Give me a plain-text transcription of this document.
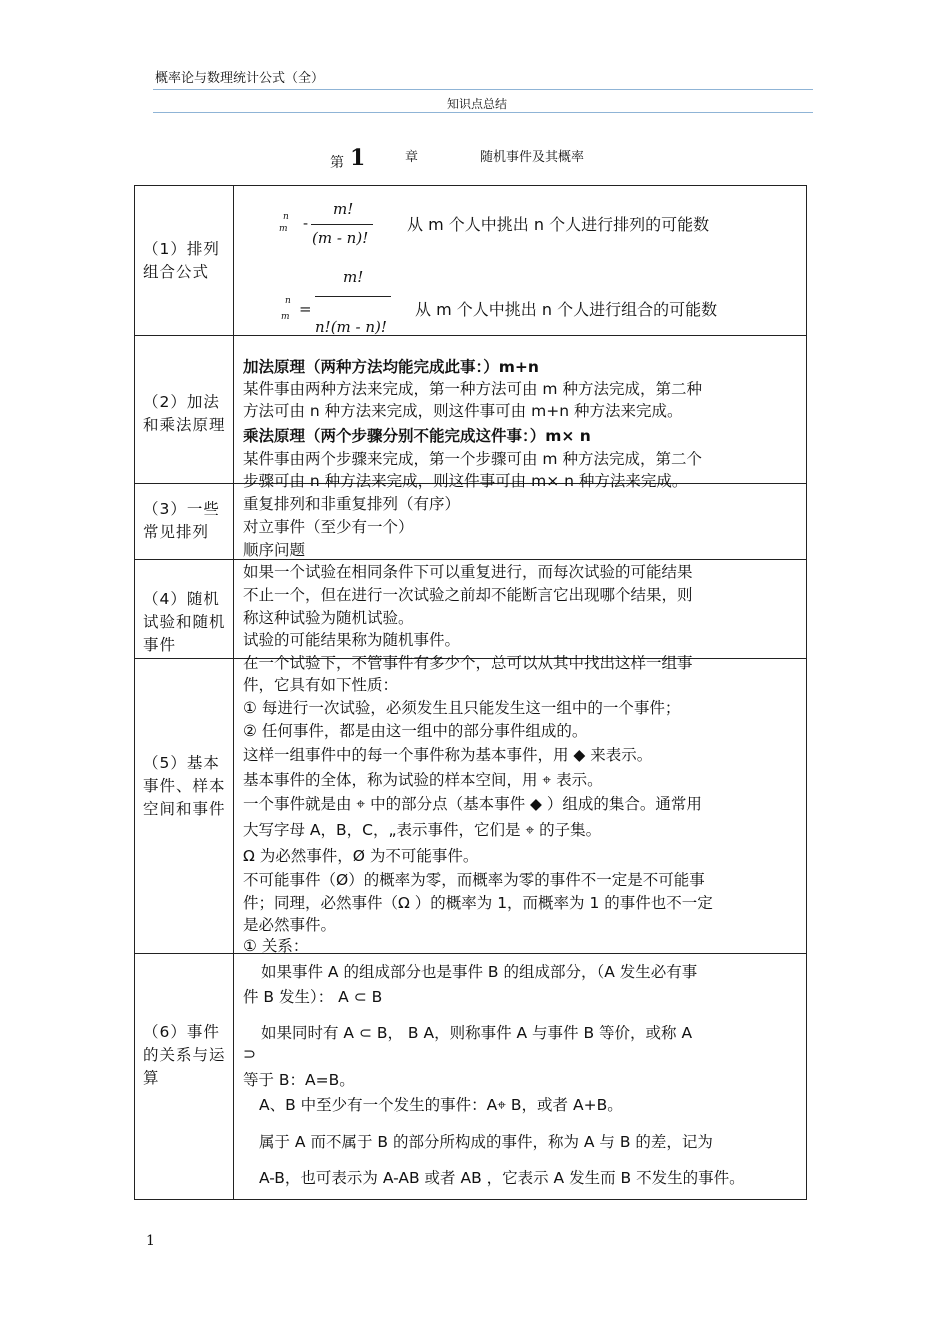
概率论与数理统计公式（全）
知识点总结
第 1	章	随机事件及其概率
（1）排列组合公式
n
m -
m!
(m - n)!
从 m 个人中挑出 n 个人进行排列的可能数
m!
n =
m
n!(m - n)!
从 m 个人中挑出 n 个人进行组合的可能数
（2）加法和乘法原理
加法原理（两种方法均能完成此事：）m+n
某件事由两种方法来完成，第一种方法可由 m 种方法完成，第二种
方法可由 n 种方法来完成，则这件事可由 m+n 种方法来完成。
乘法原理（两个步骤分别不能完成这件事：）m× n
某件事由两个步骤来完成，第一个步骤可由 m 种方法完成，第二个
步骤可由 n 种方法来完成，则这件事可由 m× n 种方法来完成。
（3）一些常见排列
重复排列和非重复排列（有序）
对立事件（至少有一个）
顺序问题
（4）随机试验和随机事件
如果一个试验在相同条件下可以重复进行，而每次试验的可能结果
不止一个，但在进行一次试验之前却不能断言它出现哪个结果，则
称这种试验为随机试验。
试验的可能结果称为随机事件。
（5）基本事件、样本空间和事件
在一个试验下，不管事件有多少个，总可以从其中找出这样一组事
件，它具有如下性质：
① 每进行一次试验，必须发生且只能发生这一组中的一个事件；
② 任何事件，都是由这一组中的部分事件组成的。
这样一组事件中的每一个事件称为基本事件，用 ◆ 来表示。
基本事件的全体，称为试验的样本空间，用 ⌖ 表示。
一个事件就是由 ⌖ 中的部分点（基本事件 ◆ ）组成的集合。通常用
大写字母 A，B，C，„表示事件，它们是 ⌖ 的子集。
Ω 为必然事件，Ø 为不可能事件。
不可能事件（Ø）的概率为零，而概率为零的事件不一定是不可能事
件；同理，必然事件（Ω ）的概率为 1，而概率为 1 的事件也不一定
是必然事件。
① 关系：
（6）事件的关系与运算
如果事件 A 的组成部分也是事件 B 的组成部分，（A 发生必有事
件 B 发生）： A ⊂ B
如果同时有 A ⊂ B， B A，则称事件 A 与事件 B 等价，或称 A
⊃
等于 B：A=B。
A、B 中至少有一个发生的事件：A⌖ B，或者 A+B。
属于 A 而不属于 B 的部分所构成的事件，称为 A 与 B 的差，记为
A-B，也可表示为 A-AB 或者 AB ，它表示 A 发生而 B 不发生的事件。
1
